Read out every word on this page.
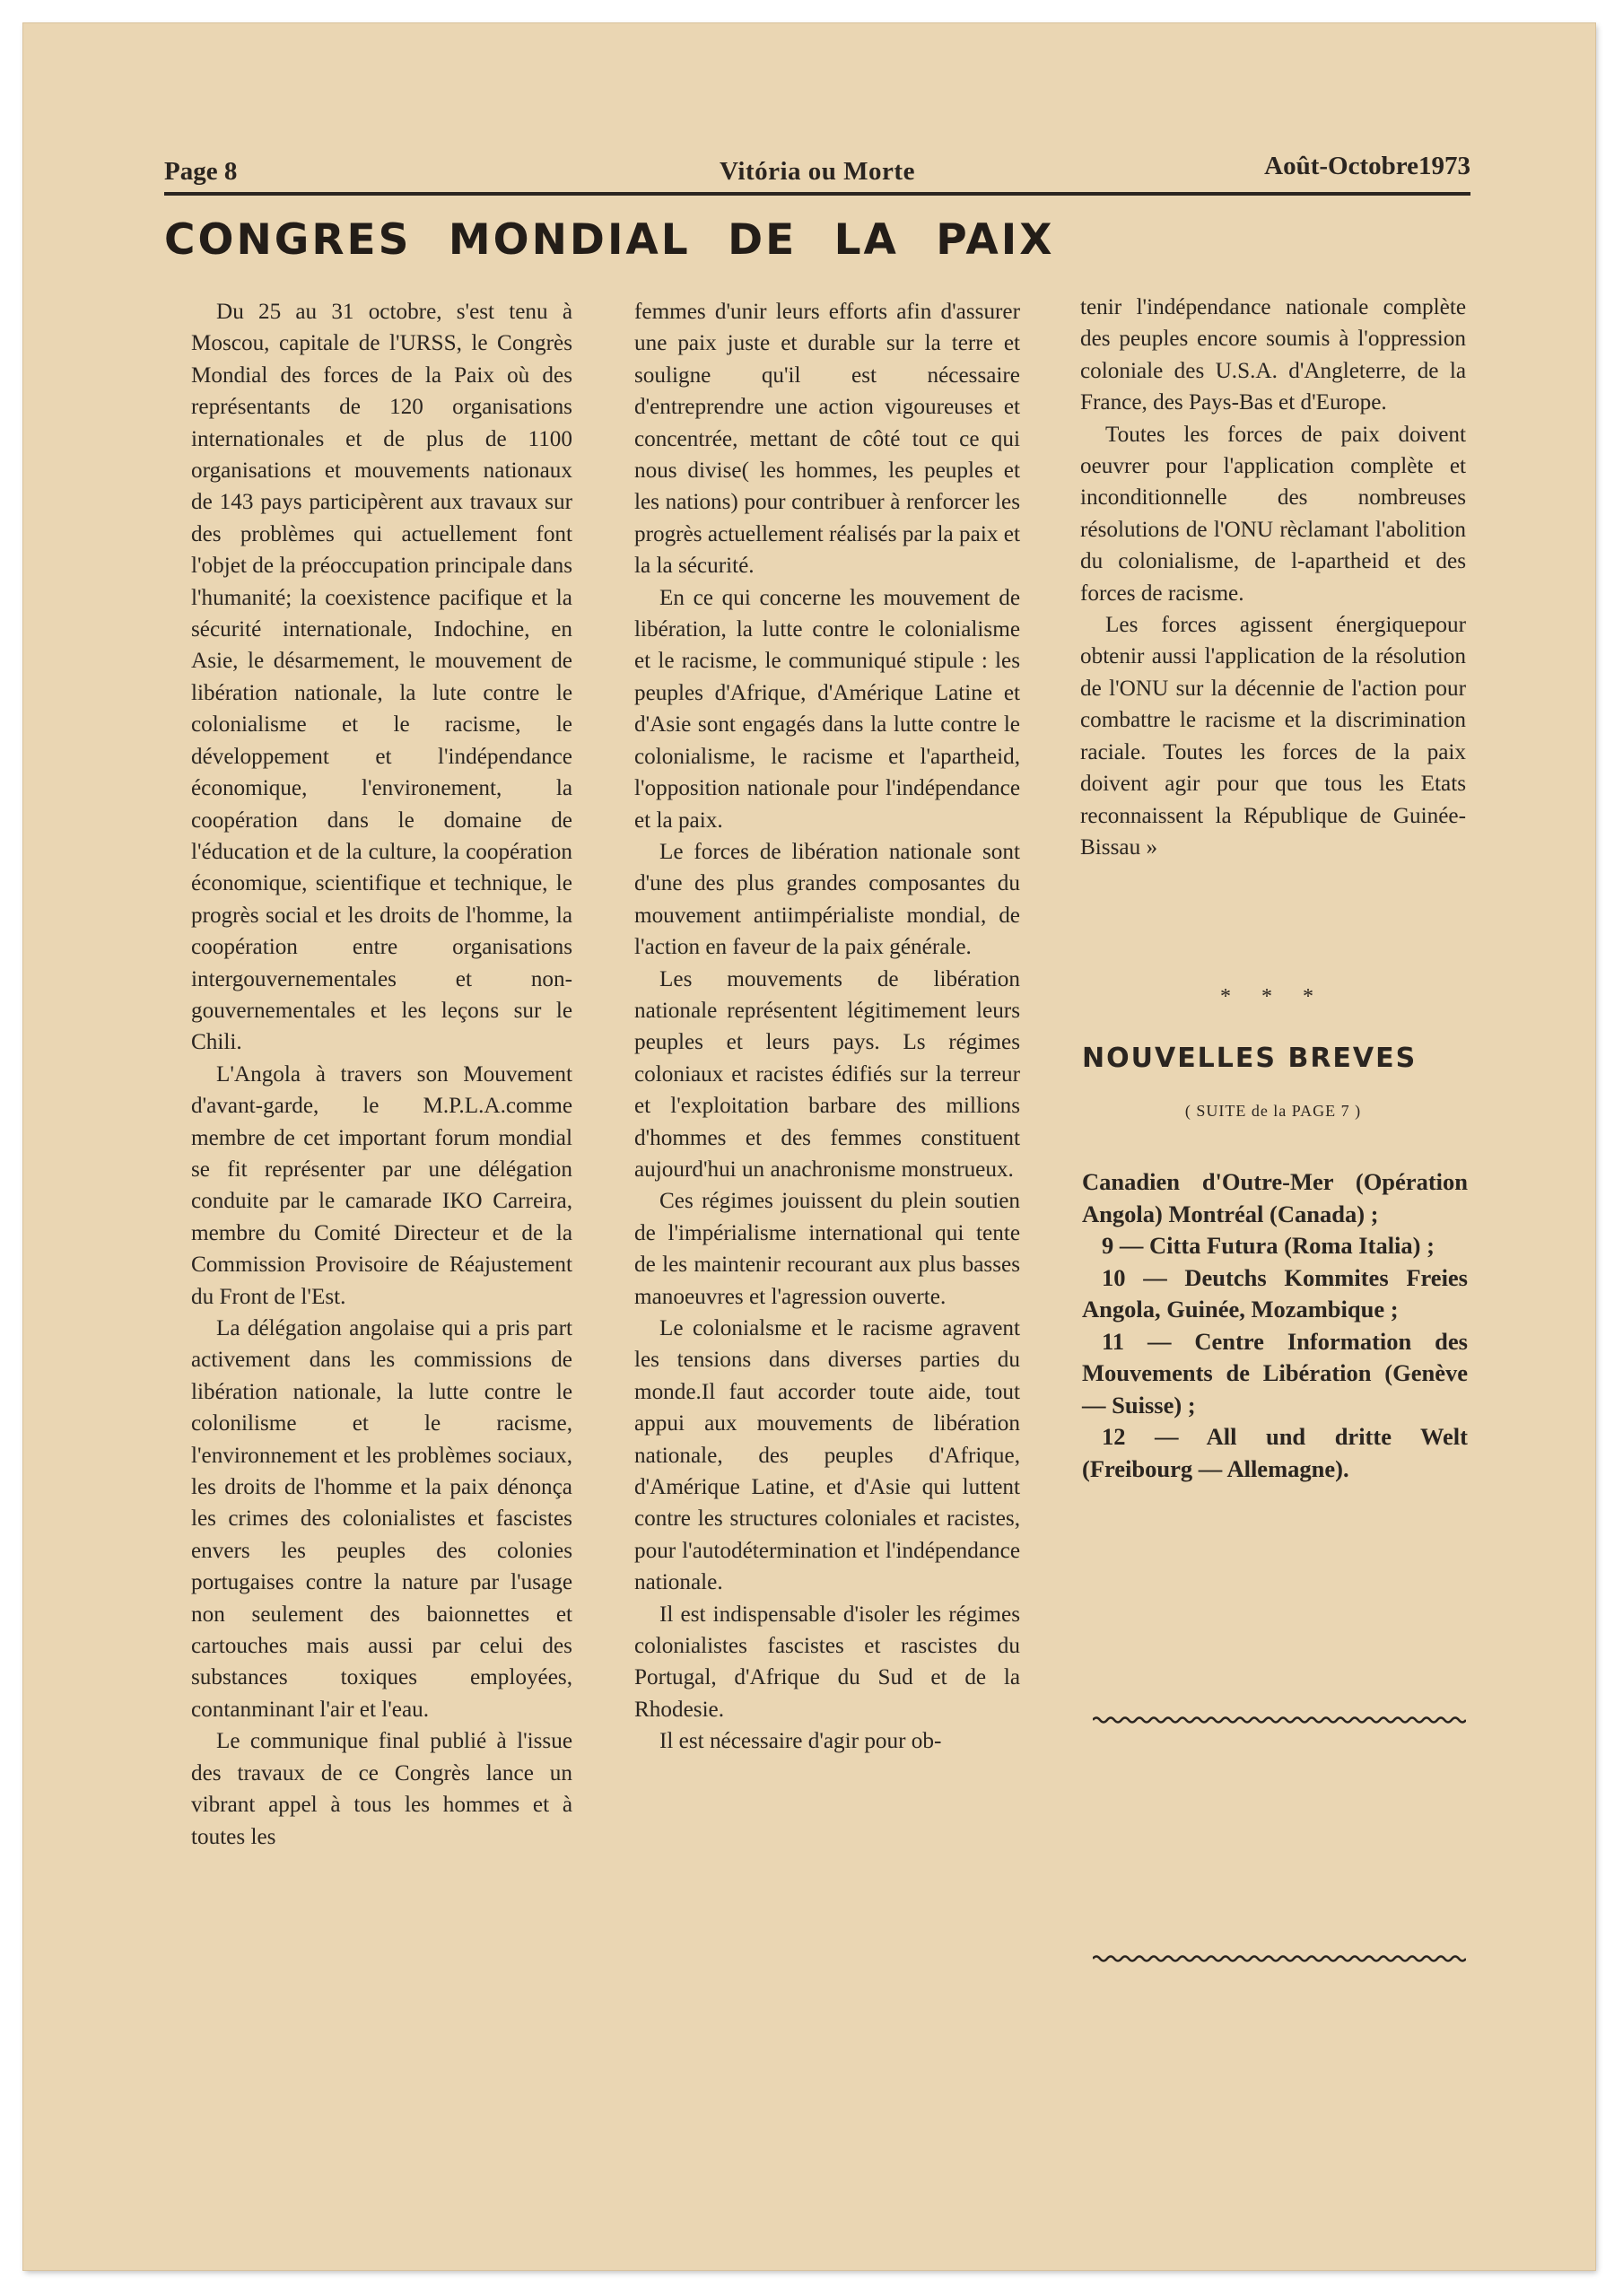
Page 8	Vitória ou Morte	Août-Octobre1973
CONGRES MONDIAL DE LA PAIX

Du 25 au 31 octobre, s'est tenu à Moscou, capitale de l'URSS, le Congrès Mondial des forces de la Paix où des représentants de 120 organisations internationales et de plus de 1100 organisations et mouvements nationaux de 143 pays participèrent aux travaux sur des problèmes qui actuellement font l'objet de la préoccupation principale dans l'humanité; la coexistence pacifique et la sécurité internationale, Indochine, en Asie, le désarmement, le mouvement de libération nationale, la lute contre le colonialisme et le racisme, le développement et l'indépendance économique, l'environement, la coopération dans le domaine de l'éducation et de la culture, la coopération économique, scientifique et technique, le progrès social et les droits de l'homme, la coopération entre organisations intergouvernementales et non-gouvernementales et les leçons sur le Chili.

L'Angola à travers son Mouvement d'avant-garde, le M.P.L.A.comme membre de cet important forum mondial se fit représenter par une délégation conduite par le camarade IKO Carreira, membre du Comité Directeur et de la Commission Provisoire de Réajustement du Front de l'Est.

La délégation angolaise qui a pris part activement dans les commissions de libération nationale, la lutte contre le colonilisme et le racisme, l'environnement et les problèmes sociaux, les droits de l'homme et la paix dénonça les crimes des colonialistes et fascistes envers les peuples des colonies portugaises contre la nature par l'usage non seulement des baionnettes et cartouches mais aussi par celui des substances toxiques employées, contanminant l'air et l'eau.

Le communique final publié à l'issue des travaux de ce Congrès lance un vibrant appel à tous les hommes et à toutes les

femmes d'unir leurs efforts afin d'assurer une paix juste et durable sur la terre et souligne qu'il est nécessaire d'entreprendre une action vigoureuses et concentrée, mettant de côté tout ce qui nous divise( les hommes, les peuples et les nations) pour contribuer à renforcer les progrès actuellement réalisés par la paix et la la sécurité.

En ce qui concerne les mouvement de libération, la lutte contre le colonialisme et le racisme, le communiqué stipule : les peuples d'Afrique, d'Amérique Latine et d'Asie sont engagés dans la lutte contre le colonialisme, le racisme et l'apartheid, l'opposition nationale pour l'indépendance et la paix.

Le forces de libération nationale sont d'une des plus grandes composantes du mouvement antiimpérialiste mondial, de l'action en faveur de la paix générale.

Les mouvements de libération nationale représentent légitimement leurs peuples et leurs pays. Ls régimes coloniaux et racistes édifiés sur la terreur et l'exploitation barbare des millions d'hommes et des femmes constituent aujourd'hui un anachronisme monstrueux.

Ces régimes jouissent du plein soutien de l'impérialisme international qui tente de les maintenir recourant aux plus basses manoeuvres et l'agression ouverte.

Le colonialsme et le racisme agravent les tensions dans diverses parties du monde.Il faut accorder toute aide, tout appui aux mouvements de libération nationale, des peuples d'Afrique, d'Amérique Latine, et d'Asie qui luttent contre les structures coloniales et racistes, pour l'autodétermination et l'indépendance nationale.

Il est indispensable d'isoler les régimes colonialistes fascistes et rascistes du Portugal, d'Afrique du Sud et de la Rhodesie.

Il est nécessaire d'agir pour ob-

tenir l'indépendance nationale complète des peuples encore soumis à l'oppression coloniale des U.S.A. d'Angleterre, de la France, des Pays-Bas et d'Europe.

Toutes les forces de paix doivent oeuvrer pour l'application complète et inconditionnelle des nombreuses résolutions de l'ONU rèclamant l'abolition du colonialisme, de l-apartheid et des forces de racisme.

Les forces agissent énergiquepour obtenir aussi l'application de la résolution de l'ONU sur la décennie de l'action pour combattre le racisme et la discrimination raciale. Toutes les forces de la paix doivent agir pour que tous les Etats reconnaissent la République de Guinée-Bissau »

* * *
NOUVELLES BREVES
( SUITE de la PAGE 7 )

Canadien d'Outre-Mer (Opération Angola) Montréal (Canada) ;

9 — Citta Futura (Roma Italia) ;

10 — Deutchs Kommites Freies Angola, Guinée, Mozambique ;

11 — Centre Information des Mouvements de Libération (Genève — Suisse) ;

12 — All und dritte Welt (Freibourg — Allemagne).
